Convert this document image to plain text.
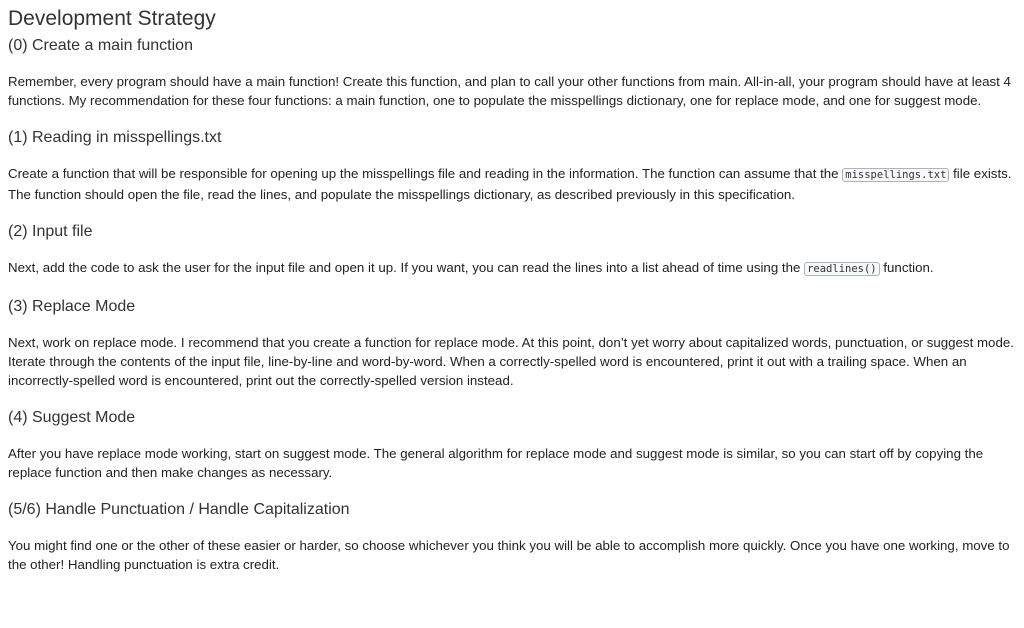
Development Strategy
(0) Create a main function

Remember, every program should have a main function! Create this function, and plan to call your other functions from main. All-in-all, your program should have at least 4 functions. My recommendation for these four functions: a main function, one to populate the misspellings dictionary, one for replace mode, and one for suggest mode.

(1) Reading in misspellings.txt

Create a function that will be responsible for opening up the misspellings file and reading in the information. The function can assume that the misspellings.txt file exists. The function should open the file, read the lines, and populate the misspellings dictionary, as described previously in this specification.

(2) Input file

Next, add the code to ask the user for the input file and open it up. If you want, you can read the lines into a list ahead of time using the readlines() function.

(3) Replace Mode

Next, work on replace mode. I recommend that you create a function for replace mode. At this point, don’t yet worry about capitalized words, punctuation, or suggest mode. Iterate through the contents of the input file, line-by-line and word-by-word. When a correctly-spelled word is encountered, print it out with a trailing space. When an incorrectly-spelled word is encountered, print out the correctly-spelled version instead.

(4) Suggest Mode

After you have replace mode working, start on suggest mode. The general algorithm for replace mode and suggest mode is similar, so you can start off by copying the replace function and then make changes as necessary.

(5/6) Handle Punctuation / Handle Capitalization

You might find one or the other of these easier or harder, so choose whichever you think you will be able to accomplish more quickly. Once you have one working, move to the other! Handling punctuation is extra credit.
